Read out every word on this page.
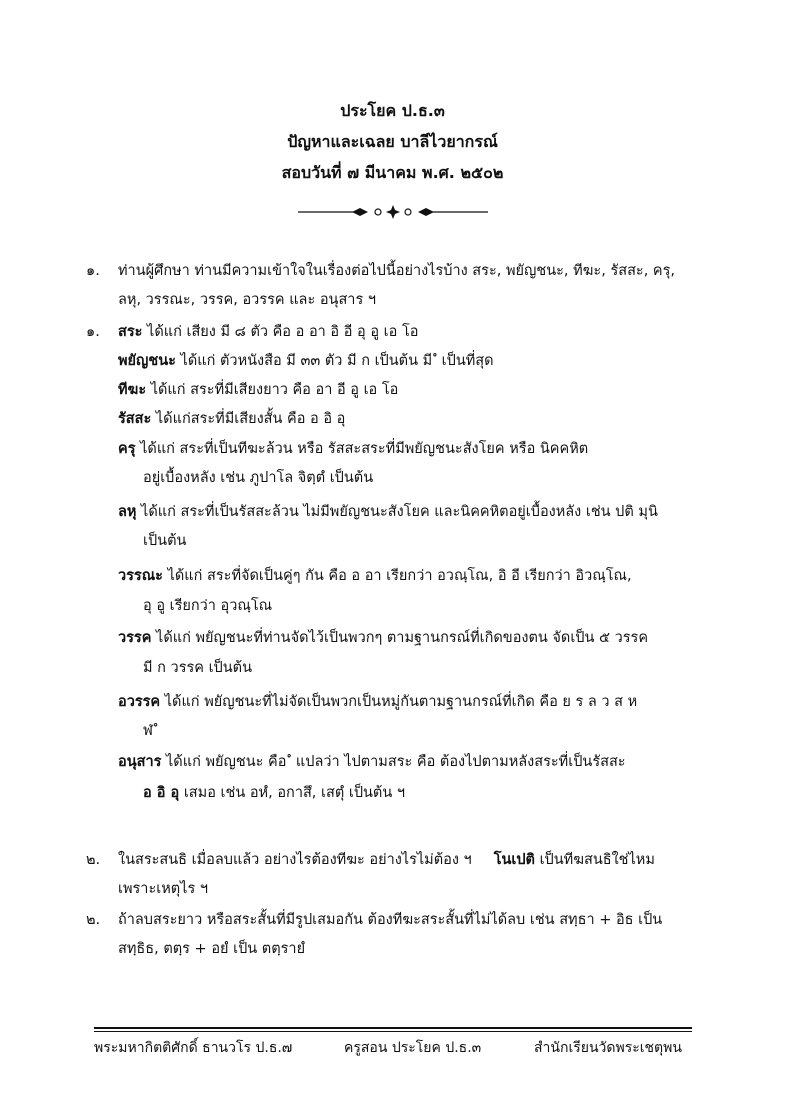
ประโยค ป.ธ.๓
ปัญหาและเฉลย บาลีไวยากรณ์
สอบวันที่ ๗ มีนาคม พ.ศ. ๒๕๐๒
๑. ท่านผู้ศึกษา ท่านมีความเข้าใจในเรื่องต่อไปนี้อย่างไรบ้าง สระ, พยัญชนะ, ทีฆะ, รัสสะ, ครุ,
ลหุ, วรรณะ, วรรค, อวรรค และ อนุสาร ฯ
๑. สระ ได้แก่ เสียง มี ๘ ตัว คือ อ อา อิ อี อุ อู เอ โอ
พยัญชนะ ได้แก่ ตัวหนังสือ มี ๓๓ ตัว มี ก เป็นต้น มี ํ เป็นที่สุด
ทีฆะ ได้แก่ สระที่มีเสียงยาว คือ อา อี อู เอ โอ
รัสสะ ได้แก่สระที่มีเสียงสั้น คือ อ อิ อุ
ครุ ได้แก่ สระที่เป็นทีฆะล้วน หรือ รัสสะสระที่มีพยัญชนะสังโยค หรือ นิคคหิต
อยู่เบื้องหลัง เช่น ภูปาโล จิตฺตํ เป็นต้น
ลหุ ได้แก่ สระที่เป็นรัสสะล้วน ไม่มีพยัญชนะสังโยค และนิคคหิตอยู่เบื้องหลัง เช่น ปติ มุนิ
เป็นต้น
วรรณะ ได้แก่ สระที่จัดเป็นคู่ๆ กัน คือ อ อา เรียกว่า อวณฺโณ, อิ อี เรียกว่า อิวณฺโณ,
อุ อู เรียกว่า อุวณฺโณ
วรรค ได้แก่ พยัญชนะที่ท่านจัดไว้เป็นพวกๆ ตามฐานกรณ์ที่เกิดของตน จัดเป็น ๕ วรรค
มี ก วรรค เป็นต้น
อวรรค ได้แก่ พยัญชนะที่ไม่จัดเป็นพวกเป็นหมู่กันตามฐานกรณ์ที่เกิด คือ ย ร ล ว ส ห
ฬ ํ
อนุสาร ได้แก่ พยัญชนะ คือ ํ แปลว่า ไปตามสระ คือ ต้องไปตามหลังสระที่เป็นรัสสะ
อ อิ อุ เสมอ เช่น อหํ, อกาสึ, เสตุํ เป็นต้น ฯ
๒. ในสระสนธิ เมื่อลบแล้ว อย่างไรต้องทีฆะ อย่างไรไม่ต้อง ฯ โนเปติ เป็นทีฆสนธิใช่ไหม
เพราะเหตุไร ฯ
๒. ถ้าลบสระยาว หรือสระสั้นที่มีรูปเสมอกัน ต้องทีฆะสระสั้นที่ไม่ได้ลบ เช่น สทฺธา + อิธ เป็น
สทฺธิธ, ตตฺร + อยํ เป็น ตตฺรายํ
พระมหากิตติศักดิ์ ธานวโร ป.ธ.๗	ครูสอน ประโยค ป.ธ.๓	สำนักเรียนวัดพระเชตุพน
